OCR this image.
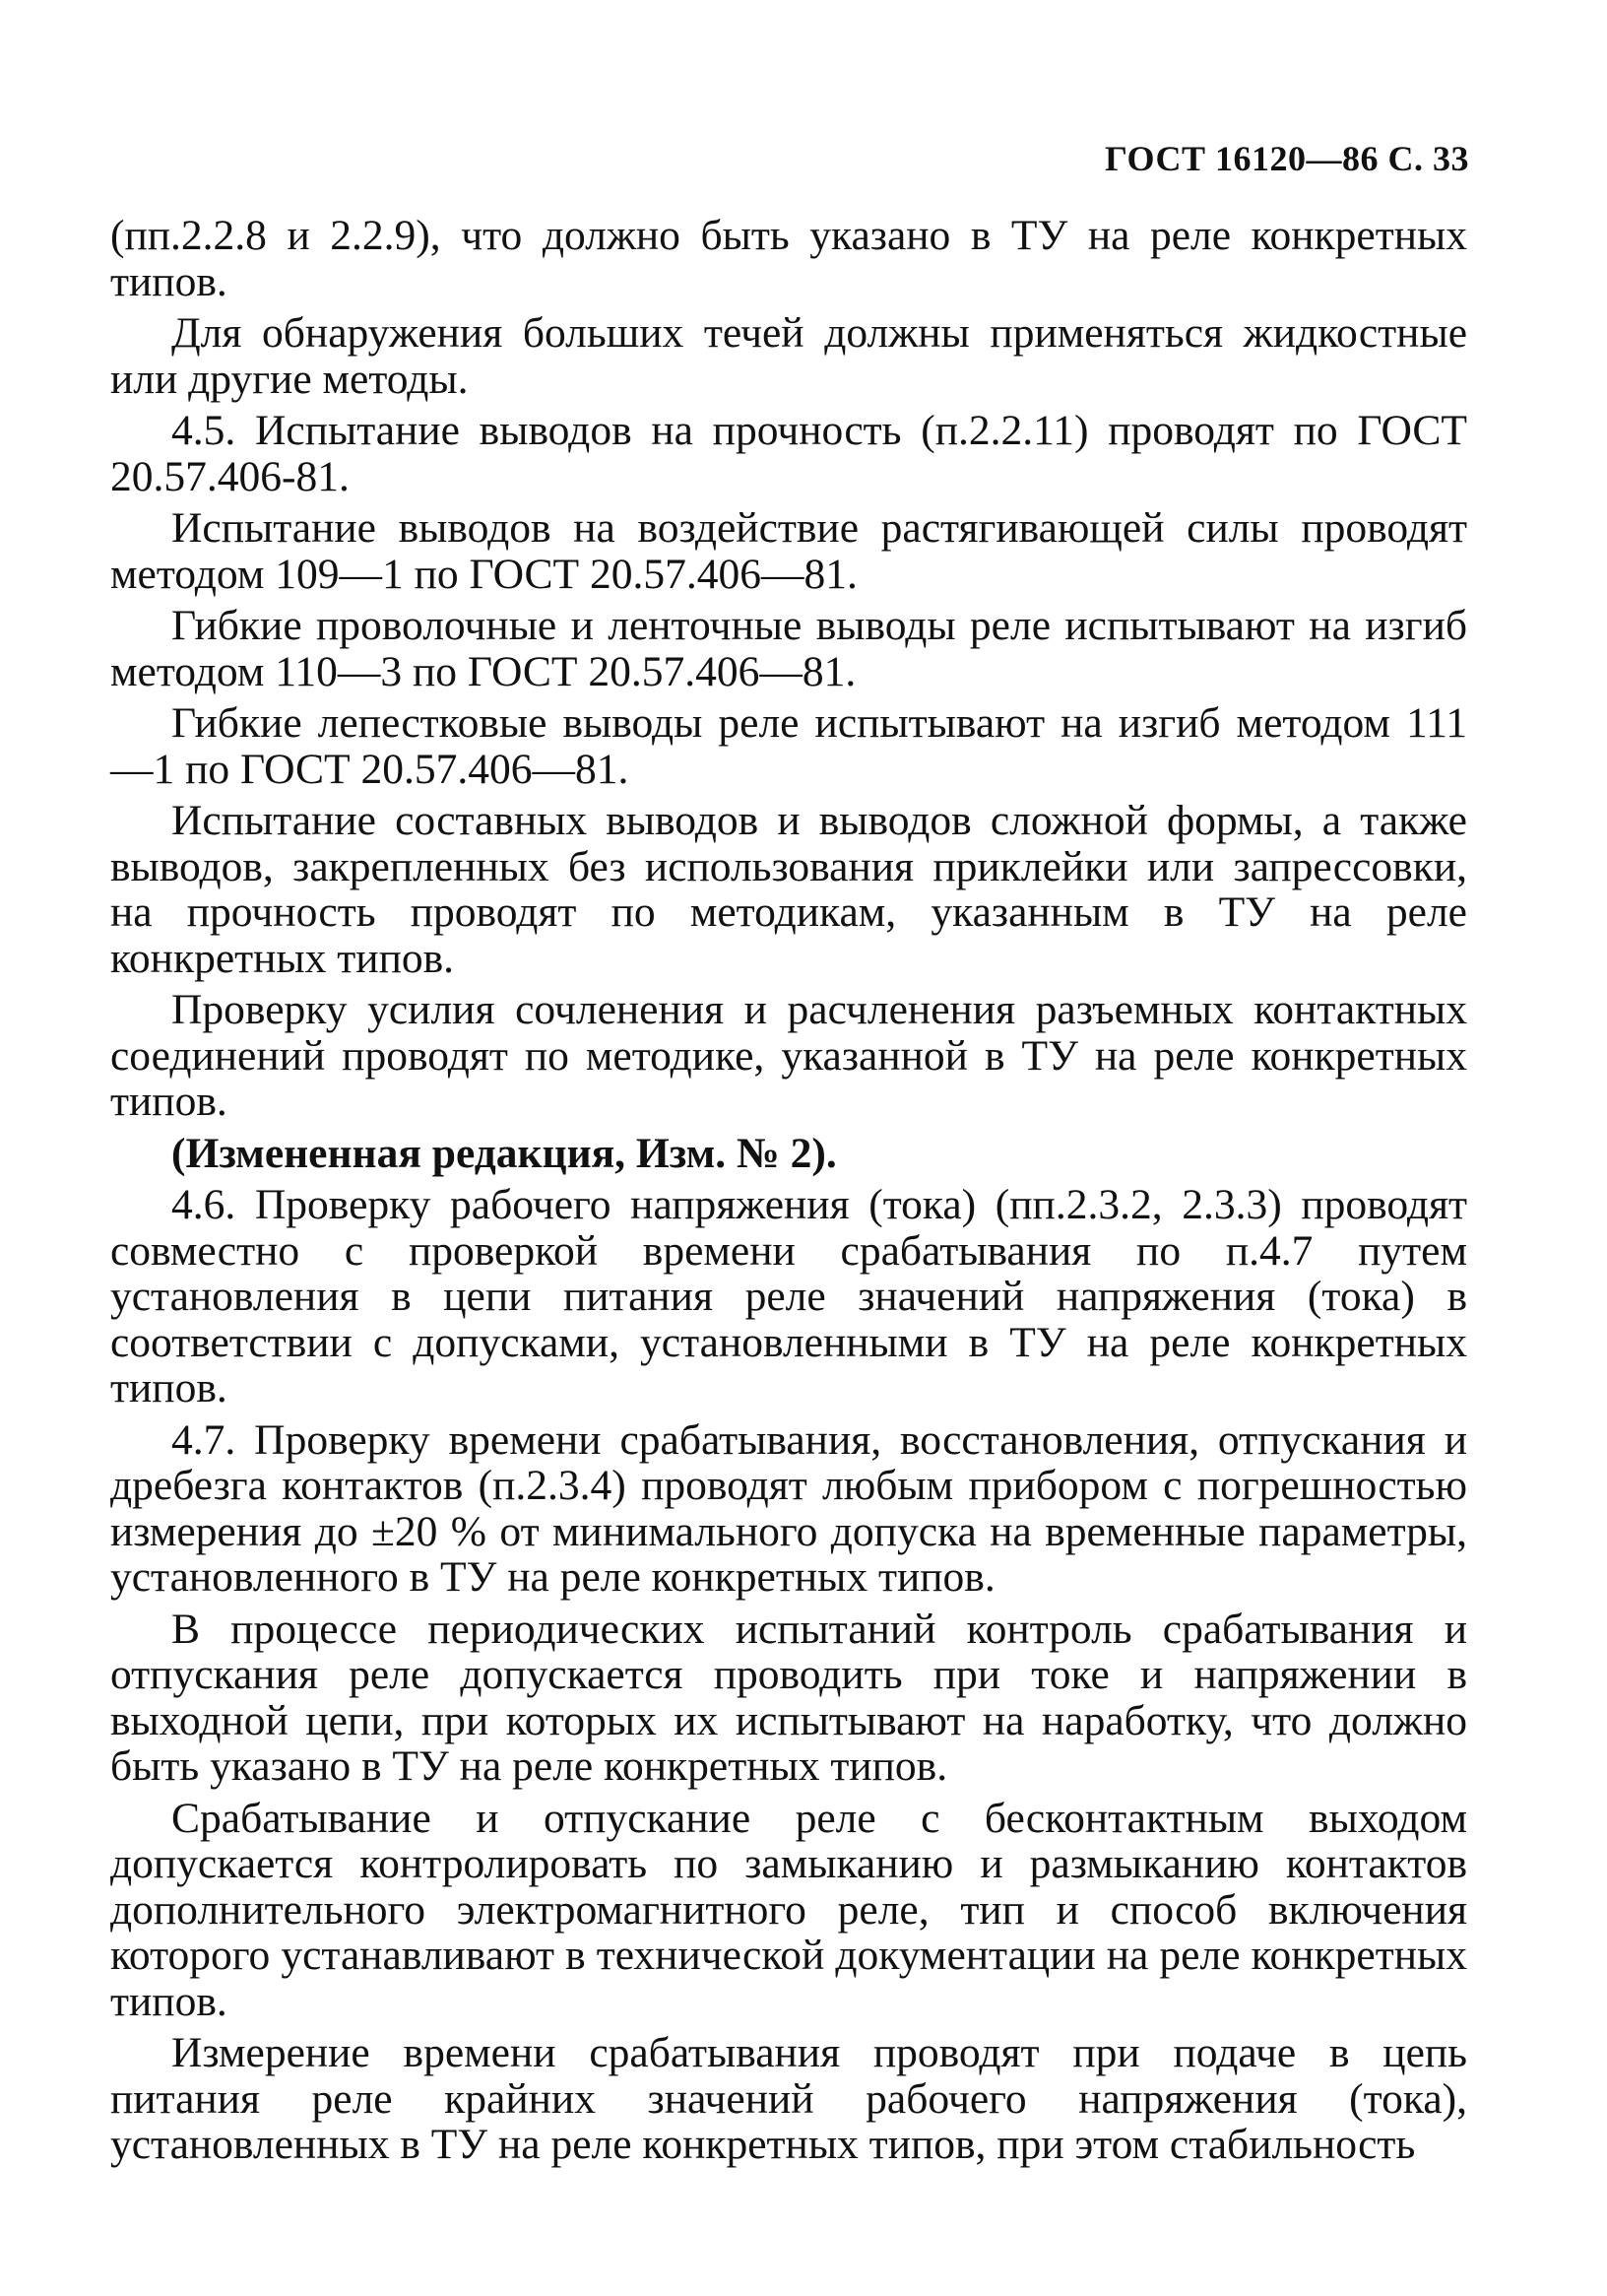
ГОСТ 16120—86 С. 33

(пп.2.2.8 и 2.2.9), что должно быть указано в ТУ на реле конкретных типов.

Для обнаружения больших течей должны применяться жидкостные или другие методы.

4.5. Испытание выводов на прочность (п.2.2.11) проводят по ГОСТ 20.57.406-81.

Испытание выводов на воздействие растягивающей силы проводят методом 109—1 по ГОСТ 20.57.406—81.

Гибкие проволочные и ленточные выводы реле испытывают на изгиб методом 110—3 по ГОСТ 20.57.406—81.

Гибкие лепестковые выводы реле испытывают на изгиб методом 111—1 по ГОСТ 20.57.406—81.

Испытание составных выводов и выводов сложной формы, а также выводов, закрепленных без использования приклейки или запрессовки, на прочность проводят по методикам, указанным в ТУ на реле конкретных типов.

Проверку усилия сочленения и расчленения разъемных контактных соединений проводят по методике, указанной в ТУ на реле конкретных типов.

(Измененная редакция, Изм. № 2).

4.6. Проверку рабочего напряжения (тока) (пп.2.3.2, 2.3.3) проводят совместно с проверкой времени срабатывания по п.4.7 путем установления в цепи питания реле значений напряжения (тока) в соответствии с допусками, установленными в ТУ на реле конкретных типов.

4.7. Проверку времени срабатывания, восстановления, отпускания и дребезга контактов (п.2.3.4) проводят любым прибором с погрешностью измерения до ±20 % от минимального допуска на временные параметры, установленного в ТУ на реле конкретных типов.

В процессе периодических испытаний контроль срабатывания и отпускания реле допускается проводить при токе и напряжении в выходной цепи, при которых их испытывают на наработку, что должно быть указано в ТУ на реле конкретных типов.

Срабатывание и отпускание реле с бесконтактным выходом допускается контролировать по замыканию и размыканию контактов дополнительного электромагнитного реле, тип и способ включения которого устанавливают в технической документации на реле конкретных типов.

Измерение времени срабатывания проводят при подаче в цепь питания реле крайних значений рабочего напряжения (тока), установленных в ТУ на реле конкретных типов, при этом стабильность
